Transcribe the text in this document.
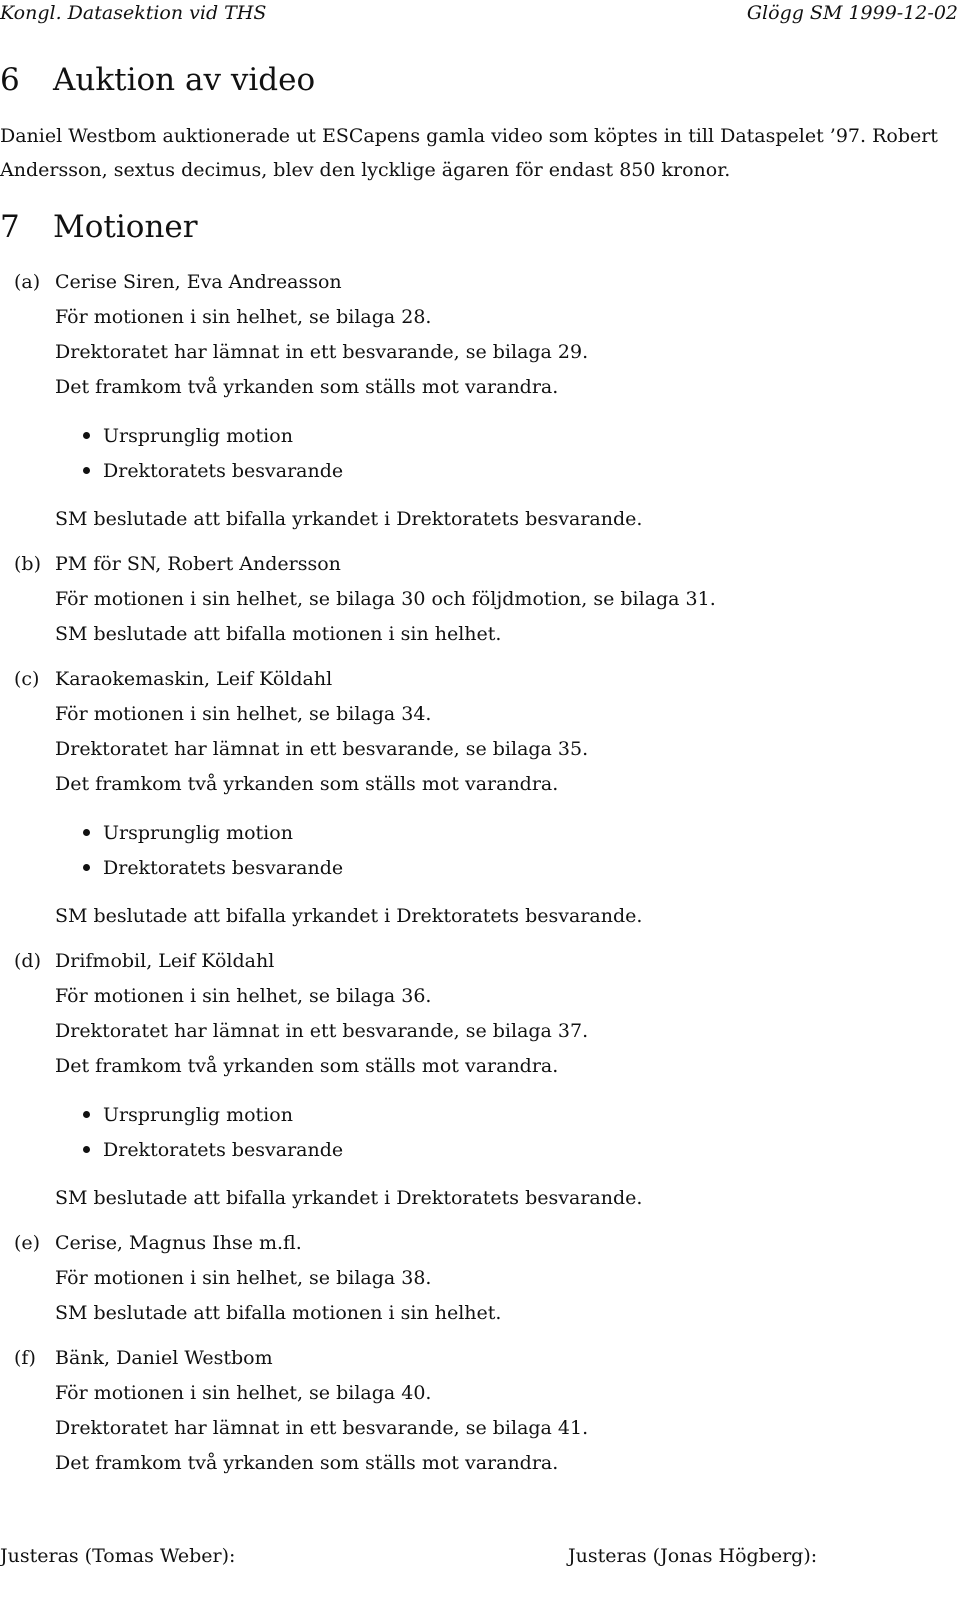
Kongl. Datasektion vid THS	Glögg SM 1999-12-02
6 Auktion av video

Daniel Westbom auktionerade ut ESCapens gamla video som köptes in till Dataspelet ’97. Robert Andersson, sextus decimus, blev den lycklige ägaren för endast 850 kronor.

7 Motioner
(a) Cerise Siren, Eva Andreasson
För motionen i sin helhet, se bilaga 28.
Drektoratet har lämnat in ett besvarande, se bilaga 29.
Det framkom två yrkanden som ställs mot varandra.
Ursprunglig motion
Drektoratets besvarande
SM beslutade att bifalla yrkandet i Drektoratets besvarande.
(b) PM för SN, Robert Andersson
För motionen i sin helhet, se bilaga 30 och följdmotion, se bilaga 31.
SM beslutade att bifalla motionen i sin helhet.
(c) Karaokemaskin, Leif Köldahl
För motionen i sin helhet, se bilaga 34.
Drektoratet har lämnat in ett besvarande, se bilaga 35.
Det framkom två yrkanden som ställs mot varandra.
Ursprunglig motion
Drektoratets besvarande
SM beslutade att bifalla yrkandet i Drektoratets besvarande.
(d) Drifmobil, Leif Köldahl
För motionen i sin helhet, se bilaga 36.
Drektoratet har lämnat in ett besvarande, se bilaga 37.
Det framkom två yrkanden som ställs mot varandra.
Ursprunglig motion
Drektoratets besvarande
SM beslutade att bifalla yrkandet i Drektoratets besvarande.
(e) Cerise, Magnus Ihse m.fl.
För motionen i sin helhet, se bilaga 38.
SM beslutade att bifalla motionen i sin helhet.
(f) Bänk, Daniel Westbom
För motionen i sin helhet, se bilaga 40.
Drektoratet har lämnat in ett besvarande, se bilaga 41.
Det framkom två yrkanden som ställs mot varandra.
Justeras (Tomas Weber):	Justeras (Jonas Högberg):
